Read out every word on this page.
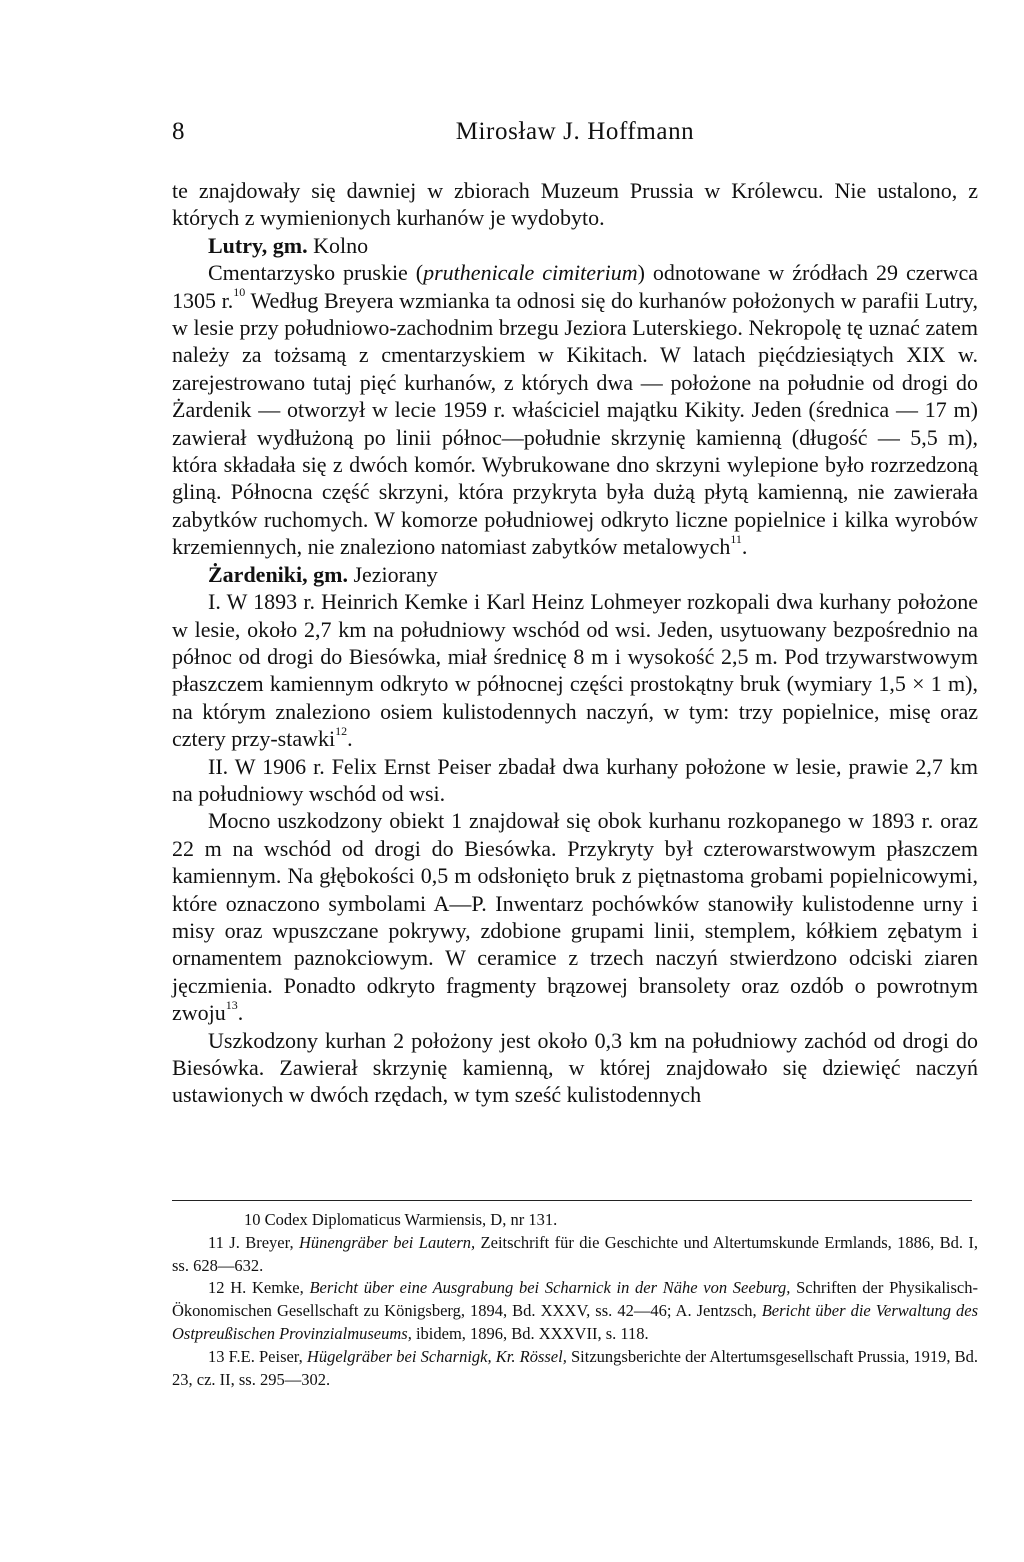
8	Mirosław J. Hoffmann

te znajdowały się dawniej w zbiorach Muzeum Prussia w Królewcu. Nie ustalono, z których z wymienionych kurhanów je wydobyto.

Lutry, gm. Kolno

Cmentarzysko pruskie (pruthenicale cimiterium) odnotowane w źródłach 29 czerwca 1305 r.$^{10}$ Według Breyera wzmianka ta odnosi się do kurhanów położonych w parafii Lutry, w lesie przy południowo-zachodnim brzegu Jeziora Luterskiego. Nekropolę tę uznać zatem należy za tożsamą z cmentarzyskiem w Kikitach. W latach pięćdziesiątych XIX w. zarejestrowano tutaj pięć kurhanów, z których dwa — położone na południe od drogi do Żardenik — otworzył w lecie 1959 r. właściciel majątku Kikity. Jeden (średnica — 17 m) zawierał wydłużoną po linii północ—południe skrzynię kamienną (długość — 5,5 m), która składała się z dwóch komór. Wybrukowane dno skrzyni wylepione było rozrzedzoną gliną. Północna część skrzyni, która przykryta była dużą płytą kamienną, nie zawierała zabytków ruchomych. W komorze południowej odkryto liczne popielnice i kilka wyrobów krzemiennych, nie znaleziono natomiast zabytków metalowych$^{11}$.

Żardeniki, gm. Jeziorany

I. W 1893 r. Heinrich Kemke i Karl Heinz Lohmeyer rozkopali dwa kurhany położone w lesie, około 2,7 km na południowy wschód od wsi. Jeden, usytuowany bezpośrednio na północ od drogi do Biesówka, miał średnicę 8 m i wysokość 2,5 m. Pod trzywarstwowym płaszczem kamiennym odkryto w północnej części prostokątny bruk (wymiary 1,5 × 1 m), na którym znaleziono osiem kulistodennych naczyń, w tym: trzy popielnice, misę oraz cztery przy-stawki$^{12}$.

II. W 1906 r. Felix Ernst Peiser zbadał dwa kurhany położone w lesie, prawie 2,7 km na południowy wschód od wsi.

Mocno uszkodzony obiekt 1 znajdował się obok kurhanu rozkopanego w 1893 r. oraz 22 m na wschód od drogi do Biesówka. Przykryty był czterowarstwowym płaszczem kamiennym. Na głębokości 0,5 m odsłonięto bruk z piętnastoma grobami popielnicowymi, które oznaczono symbolami A—P. Inwentarz pochówków stanowiły kulistodenne urny i misy oraz wpuszczane pokrywy, zdobione grupami linii, stemplem, kółkiem zębatym i ornamentem paznokciowym. W ceramice z trzech naczyń stwierdzono odciski ziaren jęczmienia. Ponadto odkryto fragmenty brązowej bransolety oraz ozdób o powrotnym zwoju$^{13}$.

Uszkodzony kurhan 2 położony jest około 0,3 km na południowy zachód od drogi do Biesówka. Zawierał skrzynię kamienną, w której znajdowało się dziewięć naczyń ustawionych w dwóch rzędach, w tym sześć kulistodennych

10 Codex Diplomaticus Warmiensis, D, nr 131.

11 J. Breyer, Hünengräber bei Lautern, Zeitschrift für die Geschichte und Altertumskunde Ermlands, 1886, Bd. I, ss. 628—632.

12 H. Kemke, Bericht über eine Ausgrabung bei Scharnick in der Nähe von Seeburg, Schriften der Physikalisch-Ökonomischen Gesellschaft zu Königsberg, 1894, Bd. XXXV, ss. 42—46; A. Jentzsch, Bericht über die Verwaltung des Ostpreußischen Provinzialmuseums, ibidem, 1896, Bd. XXXVII, s. 118.

13 F.E. Peiser, Hügelgräber bei Scharnigk, Kr. Rössel, Sitzungsberichte der Altertumsgesellschaft Prussia, 1919, Bd. 23, cz. II, ss. 295—302.
